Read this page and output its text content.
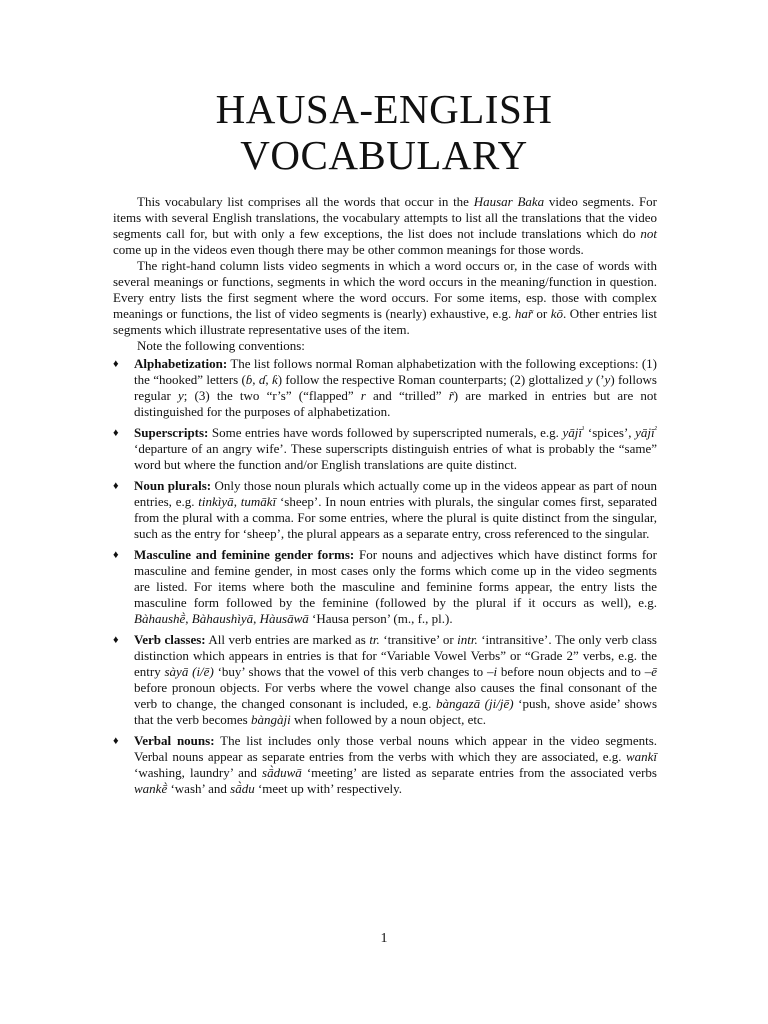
HAUSA-ENGLISH
VOCABULARY
This vocabulary list comprises all the words that occur in the Hausar Baka video segments. For items with several English translations, the vocabulary attempts to list all the translations that the video segments call for, but with only a few exceptions, the list does not include translations which do not come up in the videos even though there may be other common meanings for those words.
The right-hand column lists video segments in which a word occurs or, in the case of words with several meanings or functions, segments in which the word occurs in the meaning/function in question. Every entry lists the first segment where the word occurs. For some items, esp. those with complex meanings or functions, the list of video segments is (nearly) exhaustive, e.g. har̃ or kō. Other entries list segments which illustrate representative uses of the item.
Note the following conventions:
♦
Alphabetization: The list follows normal Roman alphabetization with the following exceptions: (1) the “hooked” letters (ɓ, ɗ, ƙ) follow the respective Roman counterparts; (2) glottalized y (’y) follows regular y; (3) the two “r’s” (“flapped” r and “trilled” r̃) are marked in entries but are not distinguished for the purposes of alphabetization.
♦
Superscripts: Some entries have words followed by superscripted numerals, e.g. yājī$^{^1}$ ‘spices’, yājī$^{^2}$ ‘departure of an angry wife’. These superscripts distinguish entries of what is probably the “same” word but where the function and/or English translations are quite distinct.
♦
Noun plurals: Only those noun plurals which actually come up in the videos appear as part of noun entries, e.g. tinkìyā, tumākī ‘sheep’. In noun entries with plurals, the singular comes first, separated from the plural with a comma. For some entries, where the plural is quite distinct from the singular, such as the entry for ‘sheep’, the plural appears as a separate entry, cross referenced to the singular.
♦
Masculine and feminine gender forms: For nouns and adjectives which have distinct forms for masculine and femine gender, in most cases only the forms which come up in the video segments are listed. For items where both the masculine and feminine forms appear, the entry lists the masculine form followed by the feminine (followed by the plural if it occurs as well), e.g. Bàhaushḕ, Bàhaushìyā, Hàusāwā ‘Hausa person’ (m., f., pl.).
♦
Verb classes: All verb entries are marked as tr. ‘transitive’ or intr. ‘intransitive’. The only verb class distinction which appears in entries is that for “Variable Vowel Verbs” or “Grade 2” verbs, e.g. the entry sàyā (i/ē) ‘buy’ shows that the vowel of this verb changes to –i before noun objects and to –ē before pronoun objects. For verbs where the vowel change also causes the final consonant of the verb to change, the changed consonant is included, e.g. bàngazā (ji/jē) ‘push, shove aside’ shows that the verb becomes bàngàji when followed by a noun object, etc.
♦
Verbal nouns: The list includes only those verbal nouns which appear in the video segments. Verbal nouns appear as separate entries from the verbs with which they are associated, e.g. wankī ‘washing, laundry’ and sā̀duwā ‘meeting’ are listed as separate entries from the associated verbs wankḕ ‘wash’ and sā̀du ‘meet up with’ respectively.
1
